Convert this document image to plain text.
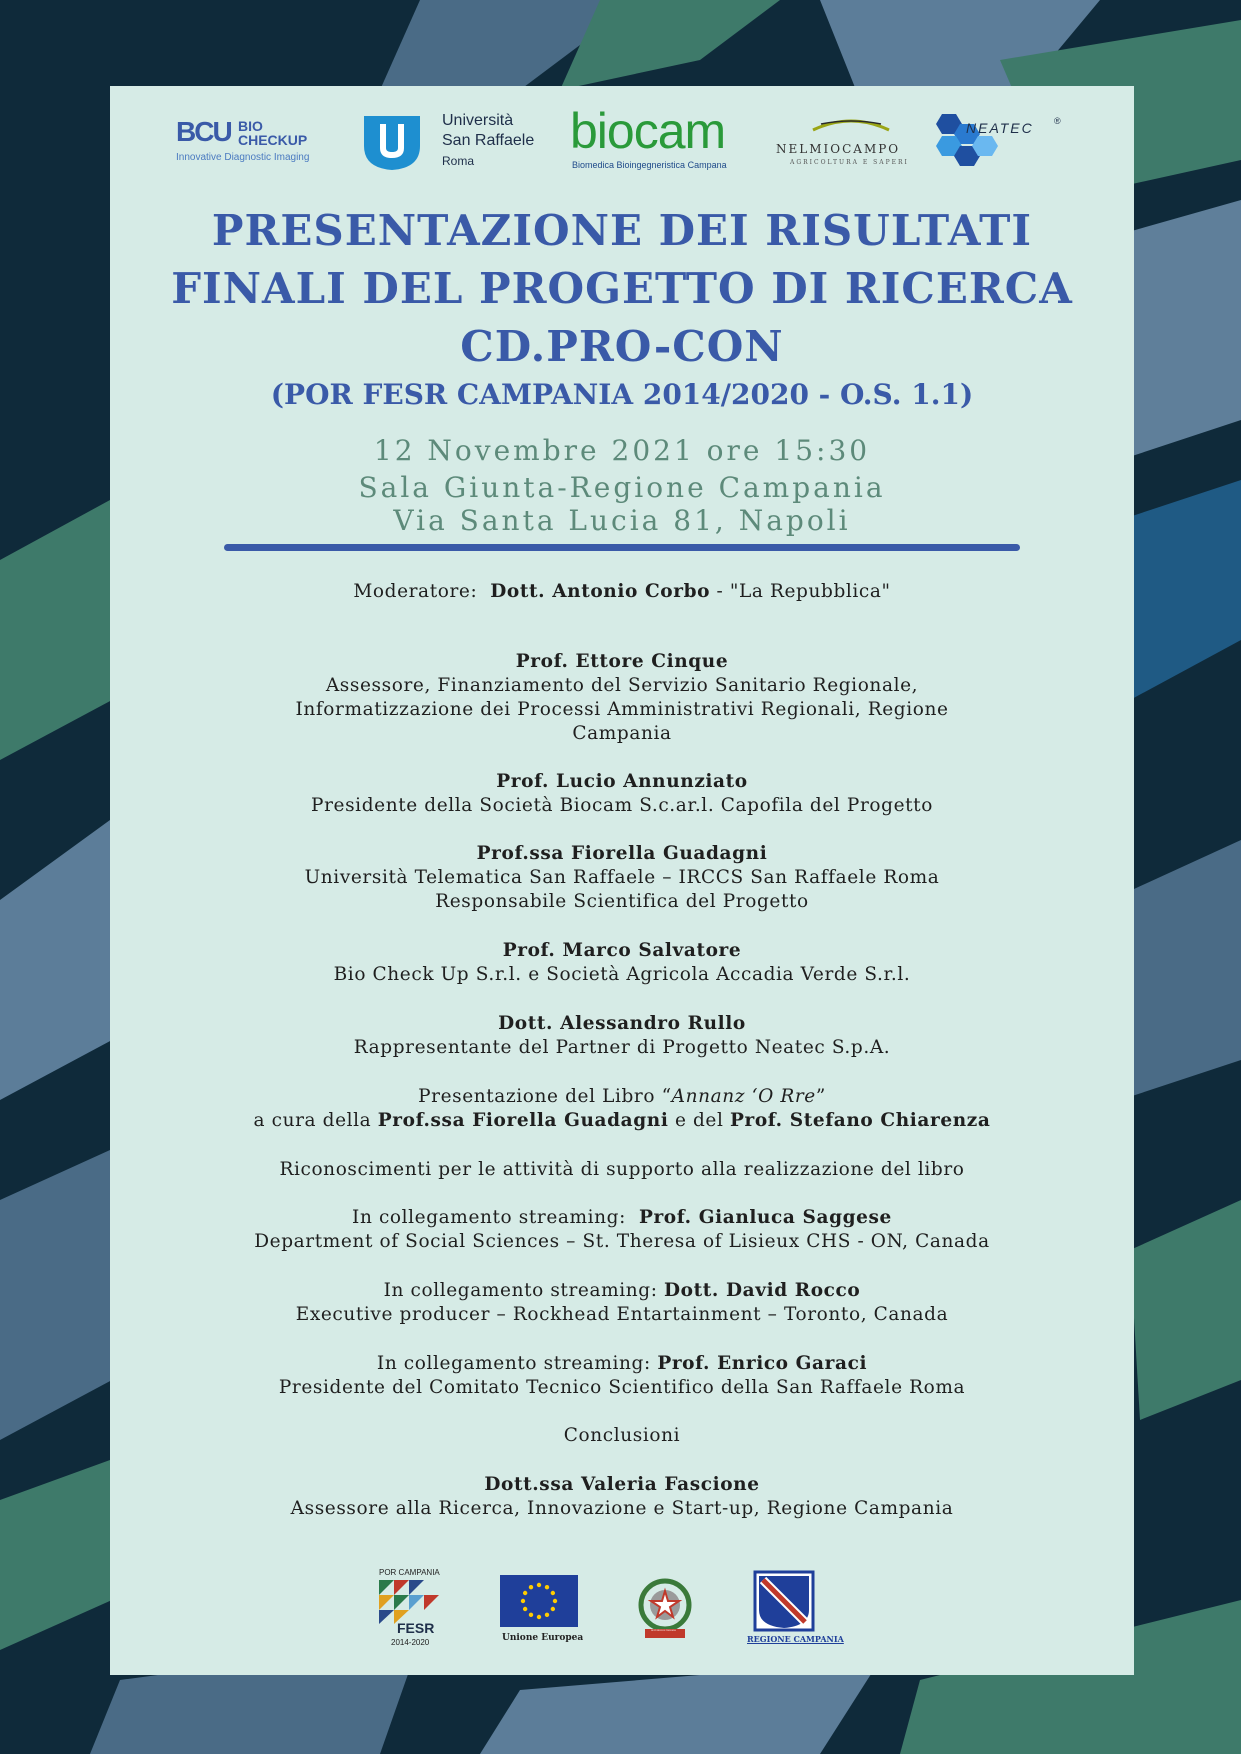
BCU BIO
CHECKUP
Innovative Diagnostic Imaging
Università
San Raffaele
Roma
biocam
Biomedica Bioingegneristica Campana
NELMIOCAMPO
AGRICOLTURA E SAPERI
NEATEC ®
PRESENTAZIONE DEI RISULTATI
FINALI DEL PROGETTO DI RICERCA
CD.PRO-CON
(POR FESR CAMPANIA 2014/2020 - O.S. 1.1)
12 Novembre 2021 ore 15:30
Sala Giunta-Regione Campania
Via Santa Lucia 81, Napoli
Moderatore: Dott. Antonio Corbo - "La Repubblica"
Prof. Ettore Cinque
Assessore, Finanziamento del Servizio Sanitario Regionale,
Informatizzazione dei Processi Amministrativi Regionali, Regione
Campania
Prof. Lucio Annunziato
Presidente della Società Biocam S.c.ar.l. Capofila del Progetto
Prof.ssa Fiorella Guadagni
Università Telematica San Raffaele – IRCCS San Raffaele Roma
Responsabile Scientifica del Progetto
Prof. Marco Salvatore
Bio Check Up S.r.l. e Società Agricola Accadia Verde S.r.l.
Dott. Alessandro Rullo
Rappresentante del Partner di Progetto Neatec S.p.A.
Presentazione del Libro “Annanz ‘O Rre”
a cura della Prof.ssa Fiorella Guadagni e del Prof. Stefano Chiarenza
Riconoscimenti per le attività di supporto alla realizzazione del libro
In collegamento streaming: Prof. Gianluca Saggese
Department of Social Sciences – St. Theresa of Lisieux CHS - ON, Canada
In collegamento streaming: Dott. David Rocco
Executive producer – Rockhead Entartainment – Toronto, Canada
In collegamento streaming: Prof. Enrico Garaci
Presidente del Comitato Tecnico Scientifico della San Raffaele Roma
Conclusioni
Dott.ssa Valeria Fascione
Assessore alla Ricerca, Innovazione e Start-up, Regione Campania
POR CAMPANIA
FESR
2014-2020	Unione Europea
REPUBBLICA ITALIANA
REGIONE CAMPANIA
